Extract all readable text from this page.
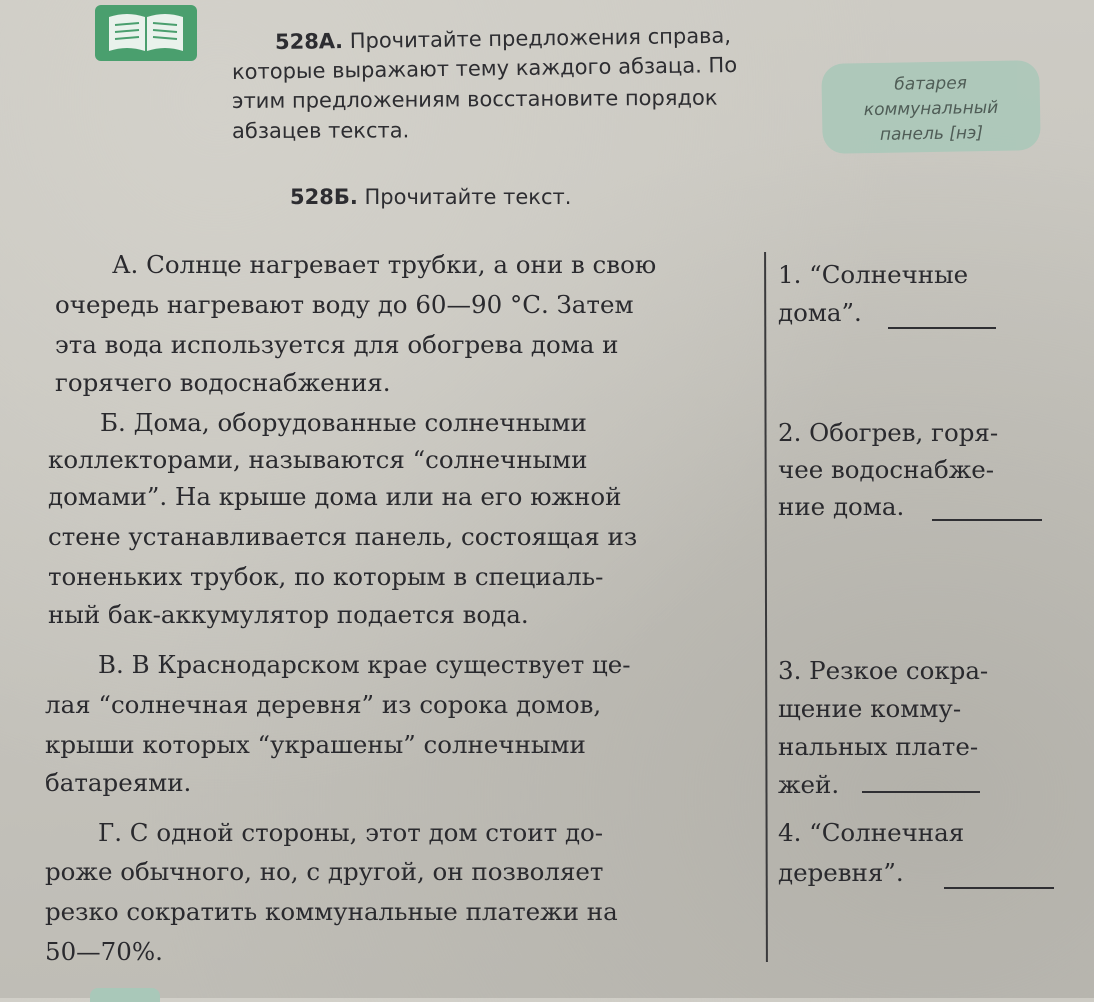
528А. Прочитайте предложения справа,
которые выражают тему каждого абзаца. По
этим предложениям восстановите порядок
абзацев текста.
батарея
коммунальный
панель [нэ]
528Б. Прочитайте текст.
А. Солнце нагревает трубки, а они в свою
очередь нагревают воду до 60—90 °С. Затем
эта вода используется для обогрева дома и
горячего водоснабжения.
Б. Дома, оборудованные солнечными
коллекторами, называются “солнечными
домами”. На крыше дома или на его южной
стене устанавливается панель, состоящая из
тоненьких трубок, по которым в специаль-
ный бак-аккумулятор подается вода.
В. В Краснодарском крае существует це-
лая “солнечная деревня” из сорока домов,
крыши которых “украшены” солнечными
батареями.
Г. С одной стороны, этот дом стоит до-
роже обычного, но, с другой, он позволяет
резко сократить коммунальные платежи на
50—70%.
1. “Солнечные
дома”.
2. Обогрев, горя-
чее водоснабже-
ние дома.
3. Резкое сокра-
щение комму-
нальных плате-
жей.
4. “Солнечная
деревня”.
